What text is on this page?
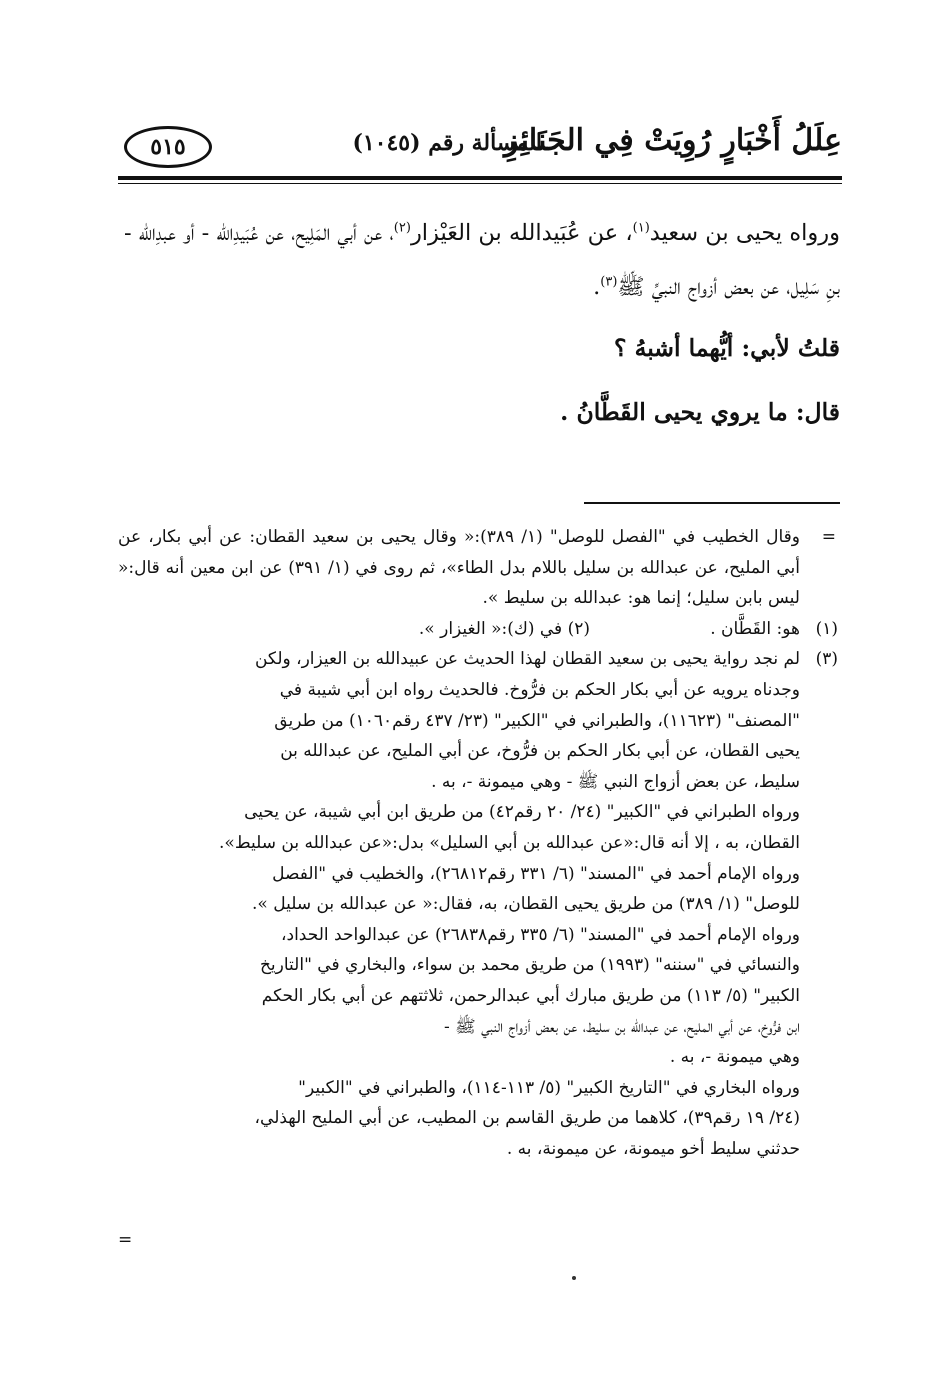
عِلَلُ أَخْبَارٍ رُوِيَتْ فِي الجَنَائِزِ
المسألة رقم (١٠٤٥)
٥١٥

ورواه يحيى بن سعيد$^{(١)}$، عن عُبَيدالله بن العَيْزار$^{(٢)}$، عن أبي المَلِيح، عن عُبَيدِالله - أو عبدِالله - بنِ سَلِيل، عن بعض أزواج النبيِّ ﷺ$^{(٣)}$.

قلتُ لأبي: أيُّهما أشبهُ ؟
قال: ما يروي يحيى القَطَّانُ .
=
وقال الخطيب في "الفصل للوصل" (١/ ٣٨٩):« وقال يحيى بن سعيد القطان: عن أبي بكار، عن أبي المليح، عن عبدالله بن سليل باللام بدل الطاء»، ثم روى في (١/ ٣٩١) عن ابن معين أنه قال:« ليس بابن سليل؛ إنما هو: عبدالله بن سليط ».
(١)
هو: القَطَّان .
(٢) في (ك):« الغيزار ».
(٣)
لم نجد رواية يحيى بن سعيد القطان لهذا الحديث عن عبيدالله بن العيزار، ولكن
وجدناه يرويه عن أبي بكار الحكم بن فرُّوخ. فالحديث رواه ابن أبي شيبة في
"المصنف" (١١٦٢٣)، والطبراني في "الكبير" (٢٣/ ٤٣٧ رقم١٠٦٠) من طريق
يحيى القطان، عن أبي بكار الحكم بن فرُّوخ، عن أبي المليح، عن عبدالله بن
سليط، عن بعض أزواج النبي ﷺ - وهي ميمونة -، به .
ورواه الطبراني في "الكبير" (٢٤/ ٢٠ رقم٤٢) من طريق ابن أبي شيبة، عن يحيى
القطان، به ، إلا أنه قال:«عن عبدالله بن أبي السليل» بدل:«عن عبدالله بن سليط».
ورواه الإمام أحمد في "المسند" (٦/ ٣٣١ رقم٢٦٨١٢)، والخطيب في "الفصل
للوصل" (١/ ٣٨٩) من طريق يحيى القطان، به، فقال:« عن عبدالله بن سليل ».
ورواه الإمام أحمد في "المسند" (٦/ ٣٣٥ رقم٢٦٨٣٨) عن عبدالواحد الحداد،
والنسائي في "سننه" (١٩٩٣) من طريق محمد بن سواء، والبخاري في "التاريخ
الكبير" (٥/ ١١٣) من طريق مبارك أبي عبدالرحمن، ثلاثتهم عن أبي بكار الحكم
ابن فرُّوخ، عن أبي المليح، عن عبدالله بن سليط، عن بعض أزواج النبي ﷺ -
وهي ميمونة -، به .
ورواه البخاري في "التاريخ الكبير" (٥/ ١١٣-١١٤)، والطبراني في "الكبير"
(٢٤/ ١٩ رقم٣٩)، كلاهما من طريق القاسم بن المطيب، عن أبي المليح الهذلي،
حدثني سليط أخو ميمونة، عن ميمونة، به .
=
